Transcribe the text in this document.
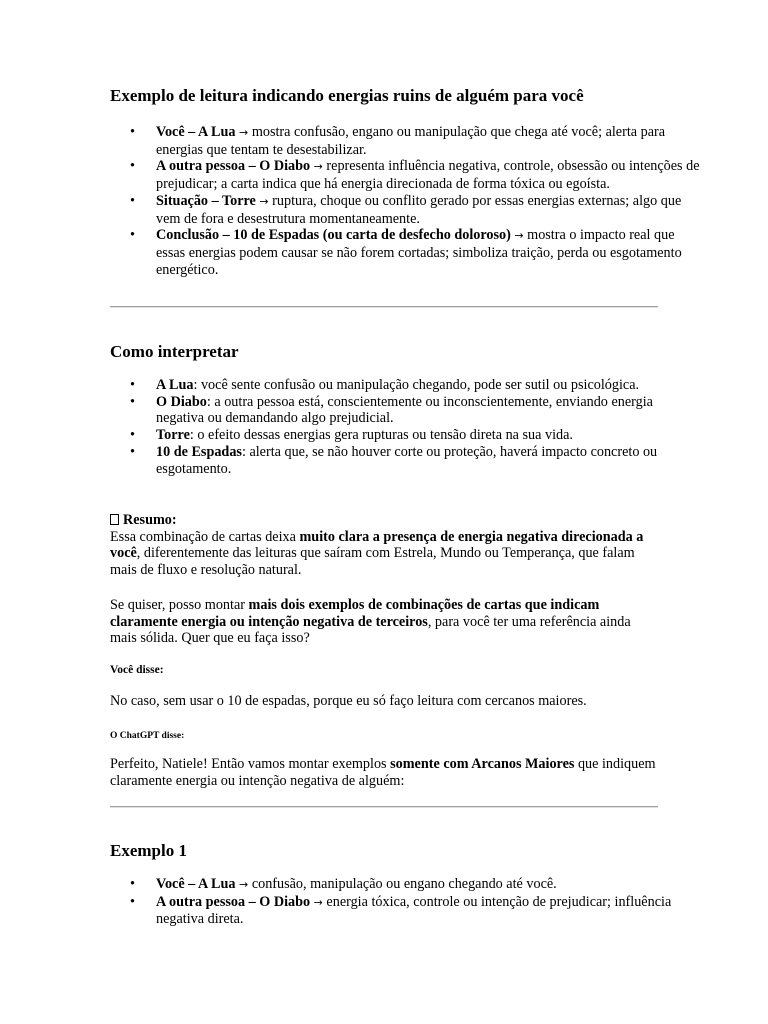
Exemplo de leitura indicando energias ruins de alguém para você
• Você – A Lua → mostra confusão, engano ou manipulação que chega até você; alerta para energias que tentam te desestabilizar.
• A outra pessoa – O Diabo → representa influência negativa, controle, obsessão ou intenções de prejudicar; a carta indica que há energia direcionada de forma tóxica ou egoísta.
• Situação – Torre → ruptura, choque ou conflito gerado por essas energias externas; algo que vem de fora e desestrutura momentaneamente.
• Conclusão – 10 de Espadas (ou carta de desfecho doloroso) → mostra o impacto real que essas energias podem causar se não forem cortadas; simboliza traição, perda ou esgotamento energético.
Como interpretar
• A Lua: você sente confusão ou manipulação chegando, pode ser sutil ou psicológica.
• O Diabo: a outra pessoa está, conscientemente ou inconscientemente, enviando energia negativa ou demandando algo prejudicial.
• Torre: o efeito dessas energias gera rupturas ou tensão direta na sua vida.
• 10 de Espadas: alerta que, se não houver corte ou proteção, haverá impacto concreto ou esgotamento.

Resumo:
Essa combinação de cartas deixa muito clara a presença de energia negativa direcionada a você, diferentemente das leituras que saíram com Estrela, Mundo ou Temperança, que falam mais de fluxo e resolução natural.

Se quiser, posso montar mais dois exemplos de combinações de cartas que indicam claramente energia ou intenção negativa de terceiros, para você ter uma referência ainda mais sólida. Quer que eu faça isso?

Você disse:

No caso, sem usar o 10 de espadas, porque eu só faço leitura com cercanos maiores.

O ChatGPT disse:

Perfeito, Natiele! Então vamos montar exemplos somente com Arcanos Maiores que indiquem claramente energia ou intenção negativa de alguém:

Exemplo 1
• Você – A Lua → confusão, manipulação ou engano chegando até você.
• A outra pessoa – O Diabo → energia tóxica, controle ou intenção de prejudicar; influência negativa direta.
